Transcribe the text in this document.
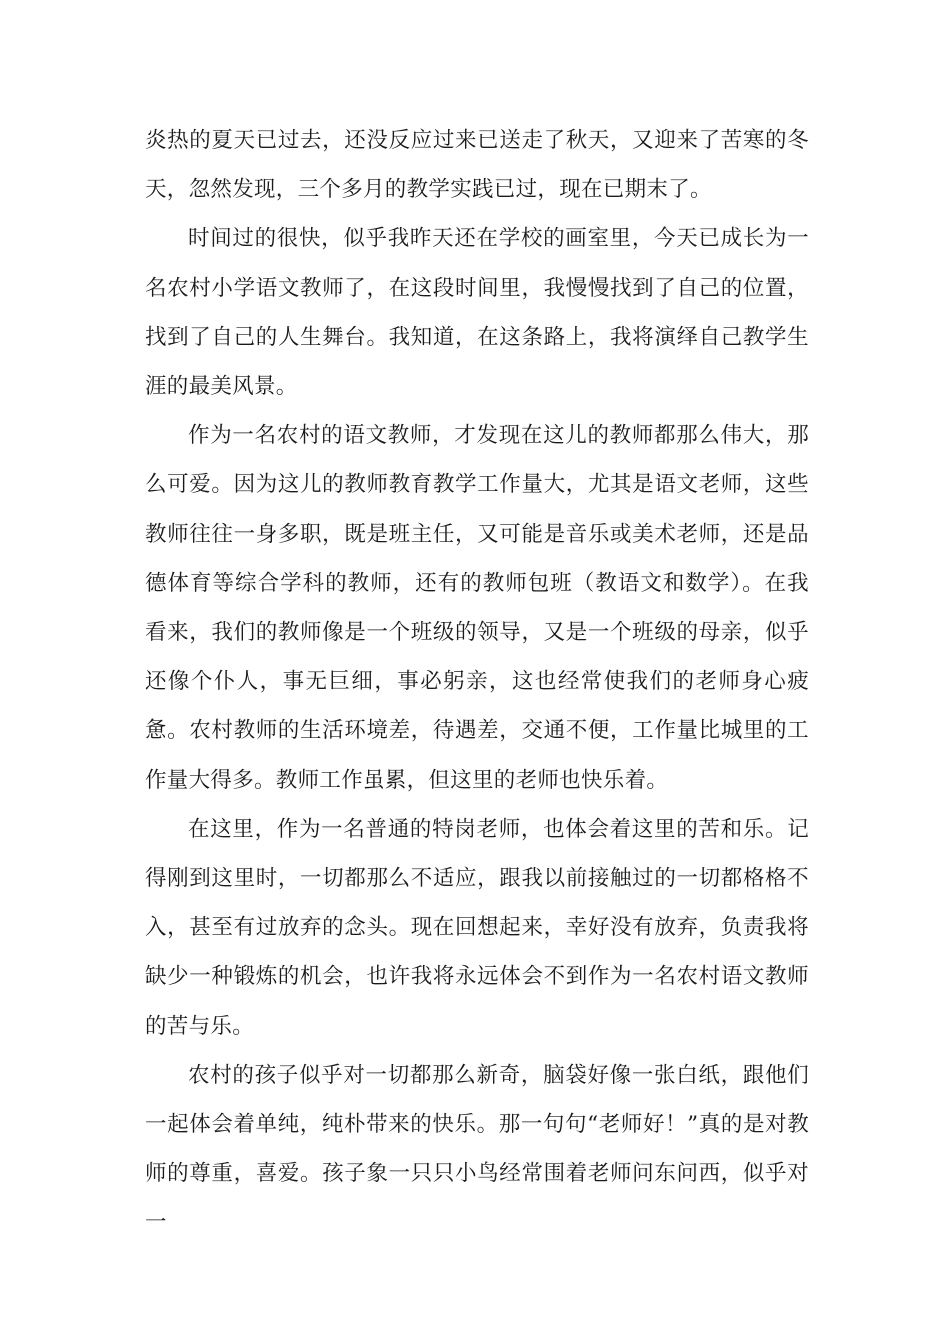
炎热的夏天已过去，还没反应过来已送走了秋天，又迎来了苦寒的冬天，忽然发现，三个多月的教学实践已过，现在已期末了。

时间过的很快，似乎我昨天还在学校的画室里，今天已成长为一名农村小学语文教师了，在这段时间里，我慢慢找到了自己的位置，找到了自己的人生舞台。我知道，在这条路上，我将演绎自己教学生涯的最美风景。

作为一名农村的语文教师，才发现在这儿的教师都那么伟大，那么可爱。因为这儿的教师教育教学工作量大，尤其是语文老师，这些教师往往一身多职，既是班主任，又可能是音乐或美术老师，还是品德体育等综合学科的教师，还有的教师包班（教语文和数学）。在我看来，我们的教师像是一个班级的领导，又是一个班级的母亲，似乎还像个仆人，事无巨细，事必躬亲，这也经常使我们的老师身心疲惫。农村教师的生活环境差，待遇差，交通不便，工作量比城里的工作量大得多。教师工作虽累，但这里的老师也快乐着。

在这里，作为一名普通的特岗老师，也体会着这里的苦和乐。记得刚到这里时，一切都那么不适应，跟我以前接触过的一切都格格不入，甚至有过放弃的念头。现在回想起来，幸好没有放弃，负责我将缺少一种锻炼的机会，也许我将永远体会不到作为一名农村语文教师的苦与乐。

农村的孩子似乎对一切都那么新奇，脑袋好像一张白纸，跟他们一起体会着单纯，纯朴带来的快乐。那一句句“老师好！”真的是对教师的尊重，喜爱。孩子象一只只小鸟经常围着老师问东问西，似乎对一
